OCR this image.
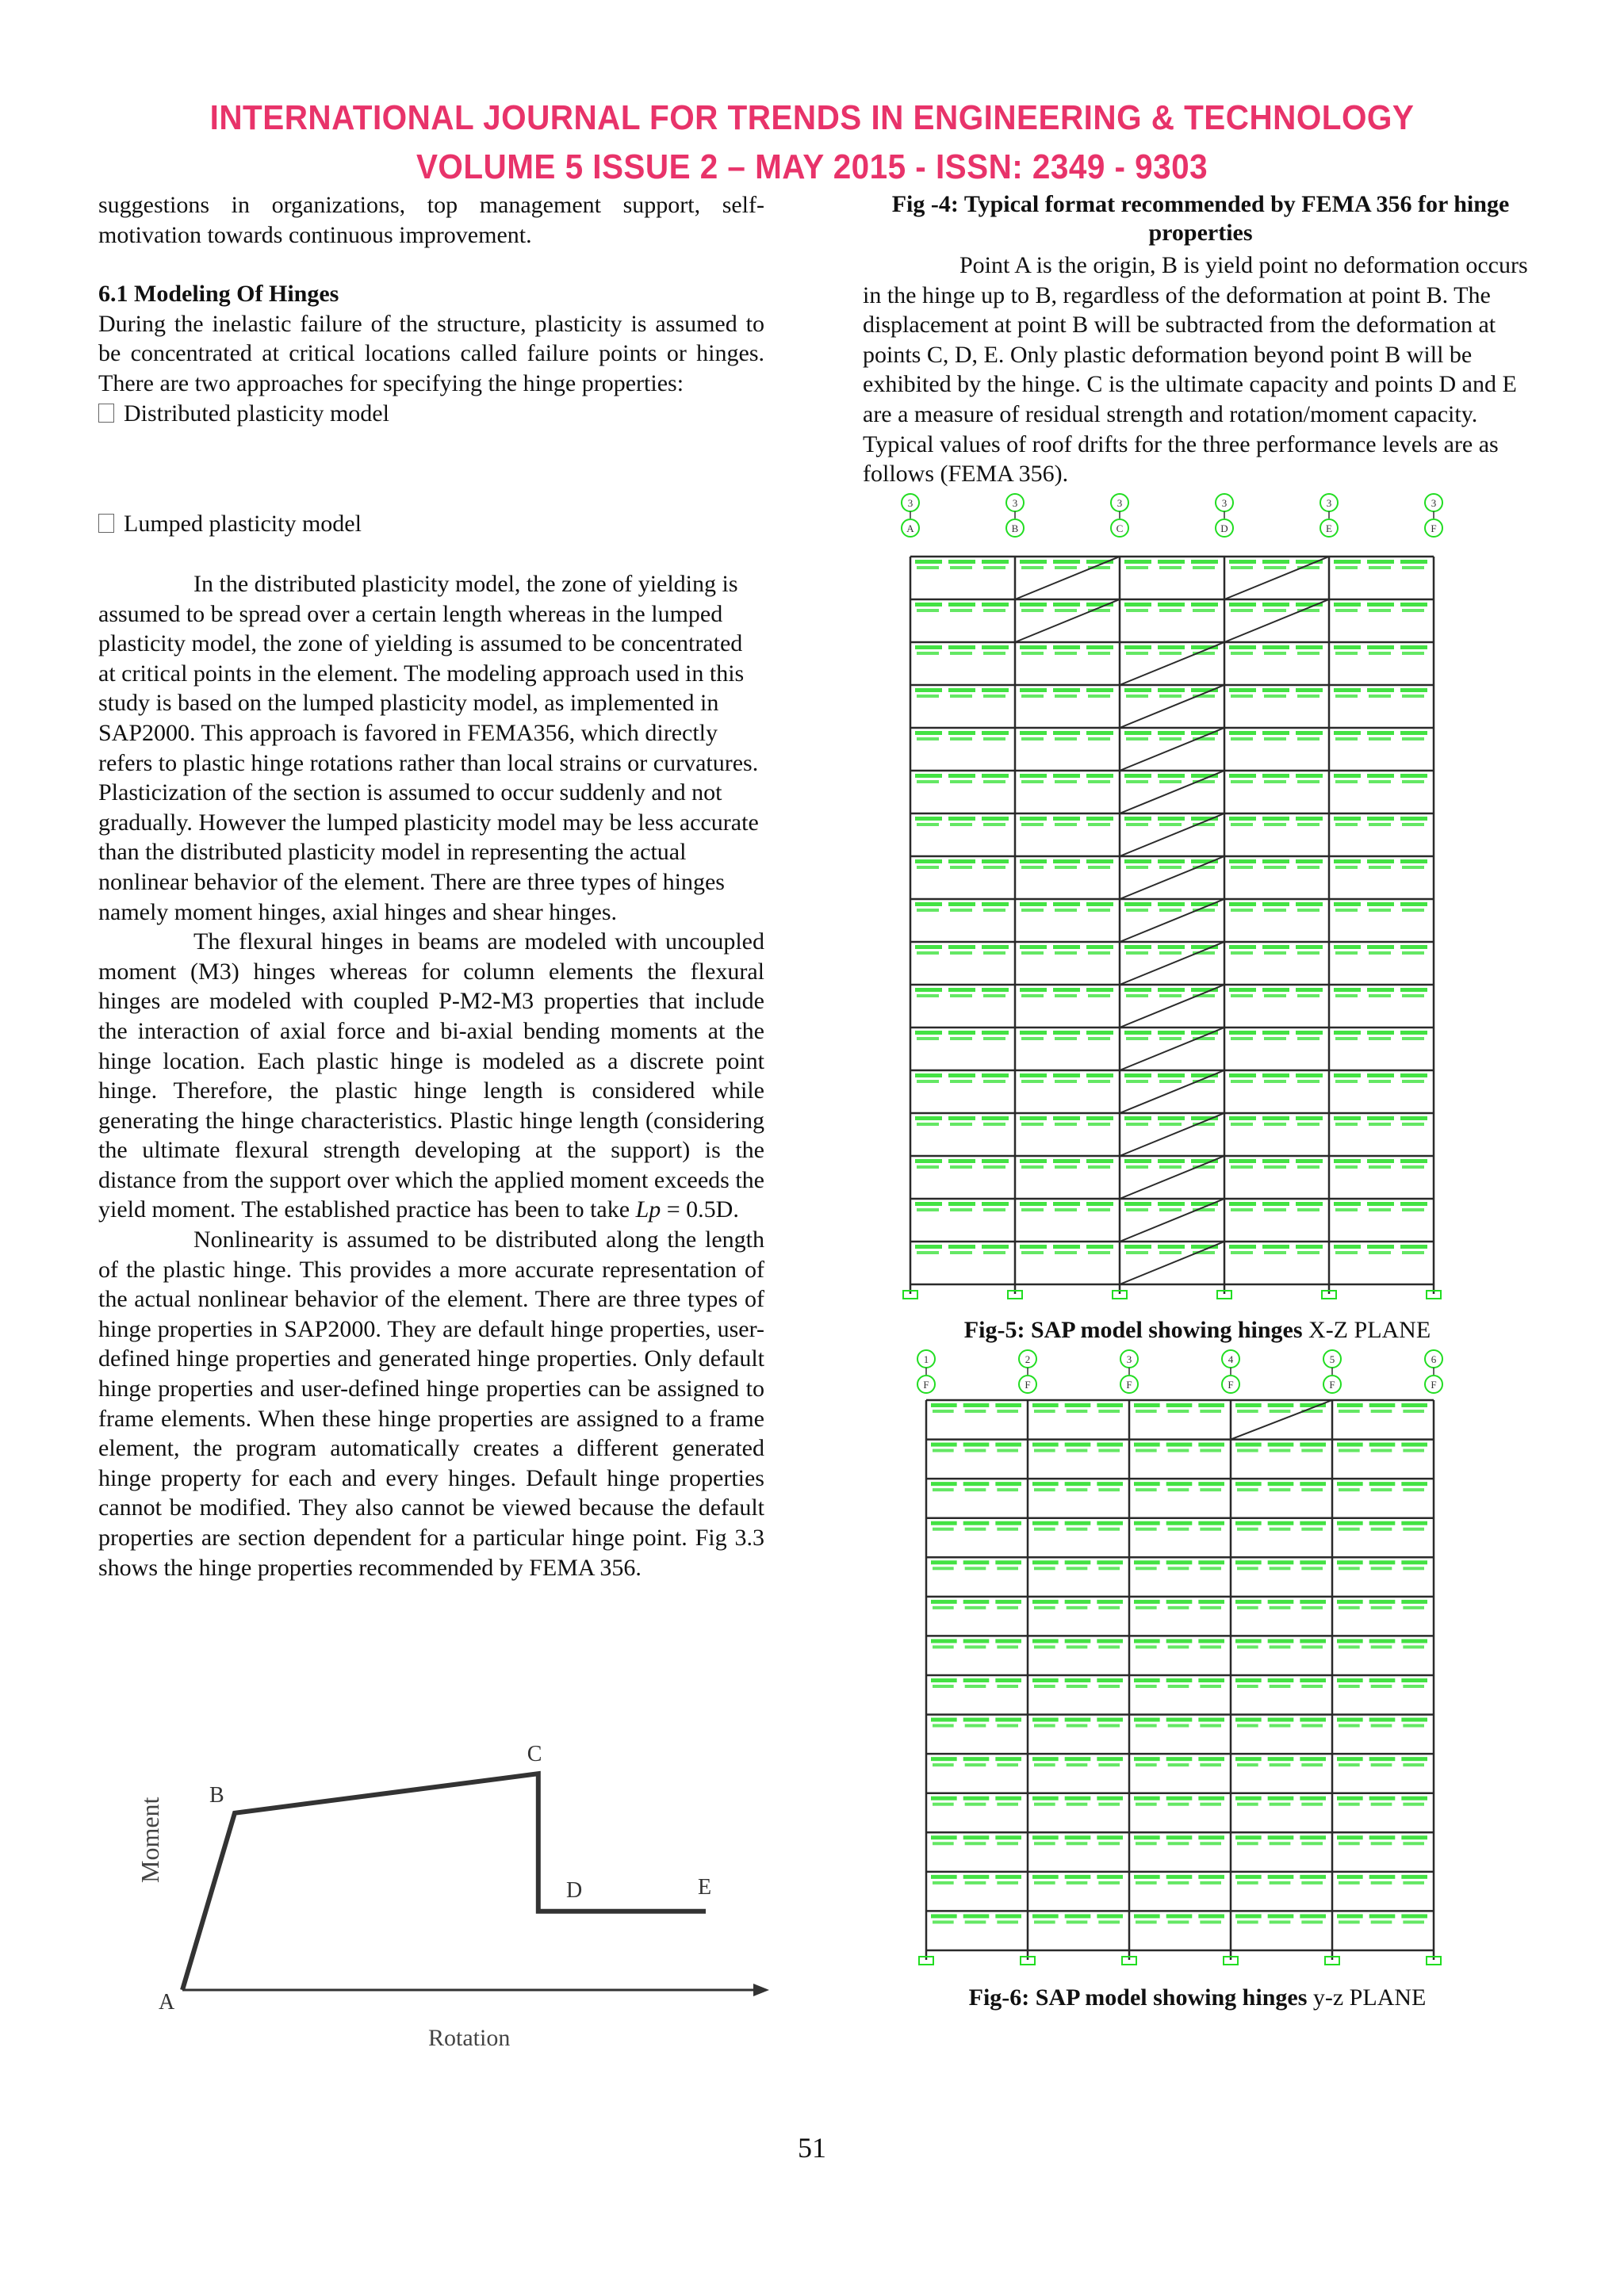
INTERNATIONAL JOURNAL FOR TRENDS IN ENGINEERING & TECHNOLOGY
VOLUME 5 ISSUE 2 – MAY 2015 - ISSN: 2349 - 9303

suggestions in organizations, top management support, self-motivation towards continuous improvement.

6.1 Modeling Of Hinges

During the inelastic failure of the structure, plasticity is assumed to be concentrated at critical locations called failure points or hinges. There are two approaches for specifying the hinge properties:

Distributed plasticity model

Lumped plasticity model

In the distributed plasticity model, the zone of yielding is assumed to be spread over a certain length whereas in the lumped plasticity model, the zone of yielding is assumed to be concentrated at critical points in the element. The modeling approach used in this study is based on the lumped plasticity model, as implemented in SAP2000. This approach is favored in FEMA356, which directly refers to plastic hinge rotations rather than local strains or curvatures. Plasticization of the section is assumed to occur suddenly and not gradually. However the lumped plasticity model may be less accurate than the distributed plasticity model in representing the actual nonlinear behavior of the element. There are three types of hinges namely moment hinges, axial hinges and shear hinges.

The flexural hinges in beams are modeled with uncoupled moment (M3) hinges whereas for column elements the flexural hinges are modeled with coupled P-M2-M3 properties that include the interaction of axial force and bi-axial bending moments at the hinge location. Each plastic hinge is modeled as a discrete point hinge. Therefore, the plastic hinge length is considered while generating the hinge characteristics. Plastic hinge length (considering the ultimate flexural strength developing at the support) is the distance from the support over which the applied moment exceeds the yield moment. The established practice has been to take Lp = 0.5D.

Nonlinearity is assumed to be distributed along the length of the plastic hinge. This provides a more accurate representation of the actual nonlinear behavior of the element. There are three types of hinge properties in SAP2000. They are default hinge properties, user-defined hinge properties and generated hinge properties. Only default hinge properties and user-defined hinge properties can be assigned to frame elements. When these hinge properties are assigned to a frame element, the program automatically creates a different generated hinge property for each and every hinges. Default hinge properties cannot be modified. They also cannot be viewed because the default properties are section dependent for a particular hinge point. Fig 3.3 shows the hinge properties recommended by FEMA 356.

A
B
C
D	E
Rotation
Moment
Fig -4: Typical format recommended by FEMA 356 for hinge properties

Point A is the origin, B is yield point no deformation occurs in the hinge up to B, regardless of the deformation at point B. The displacement at point B will be subtracted from the deformation at points C, D, E. Only plastic deformation beyond point B will be exhibited by the hinge. C is the ultimate capacity and points D and E are a measure of residual strength and rotation/moment capacity. Typical values of roof drifts for the three performance levels are as follows (FEMA 356).

3
A
3
B
3
C
3
D
3
E
3
F
Fig-5: SAP model showing hinges X-Z PLANE
1
F
2
F
3
F
4
F
5
F
6
F
Fig-6: SAP model showing hinges y-z PLANE
51
